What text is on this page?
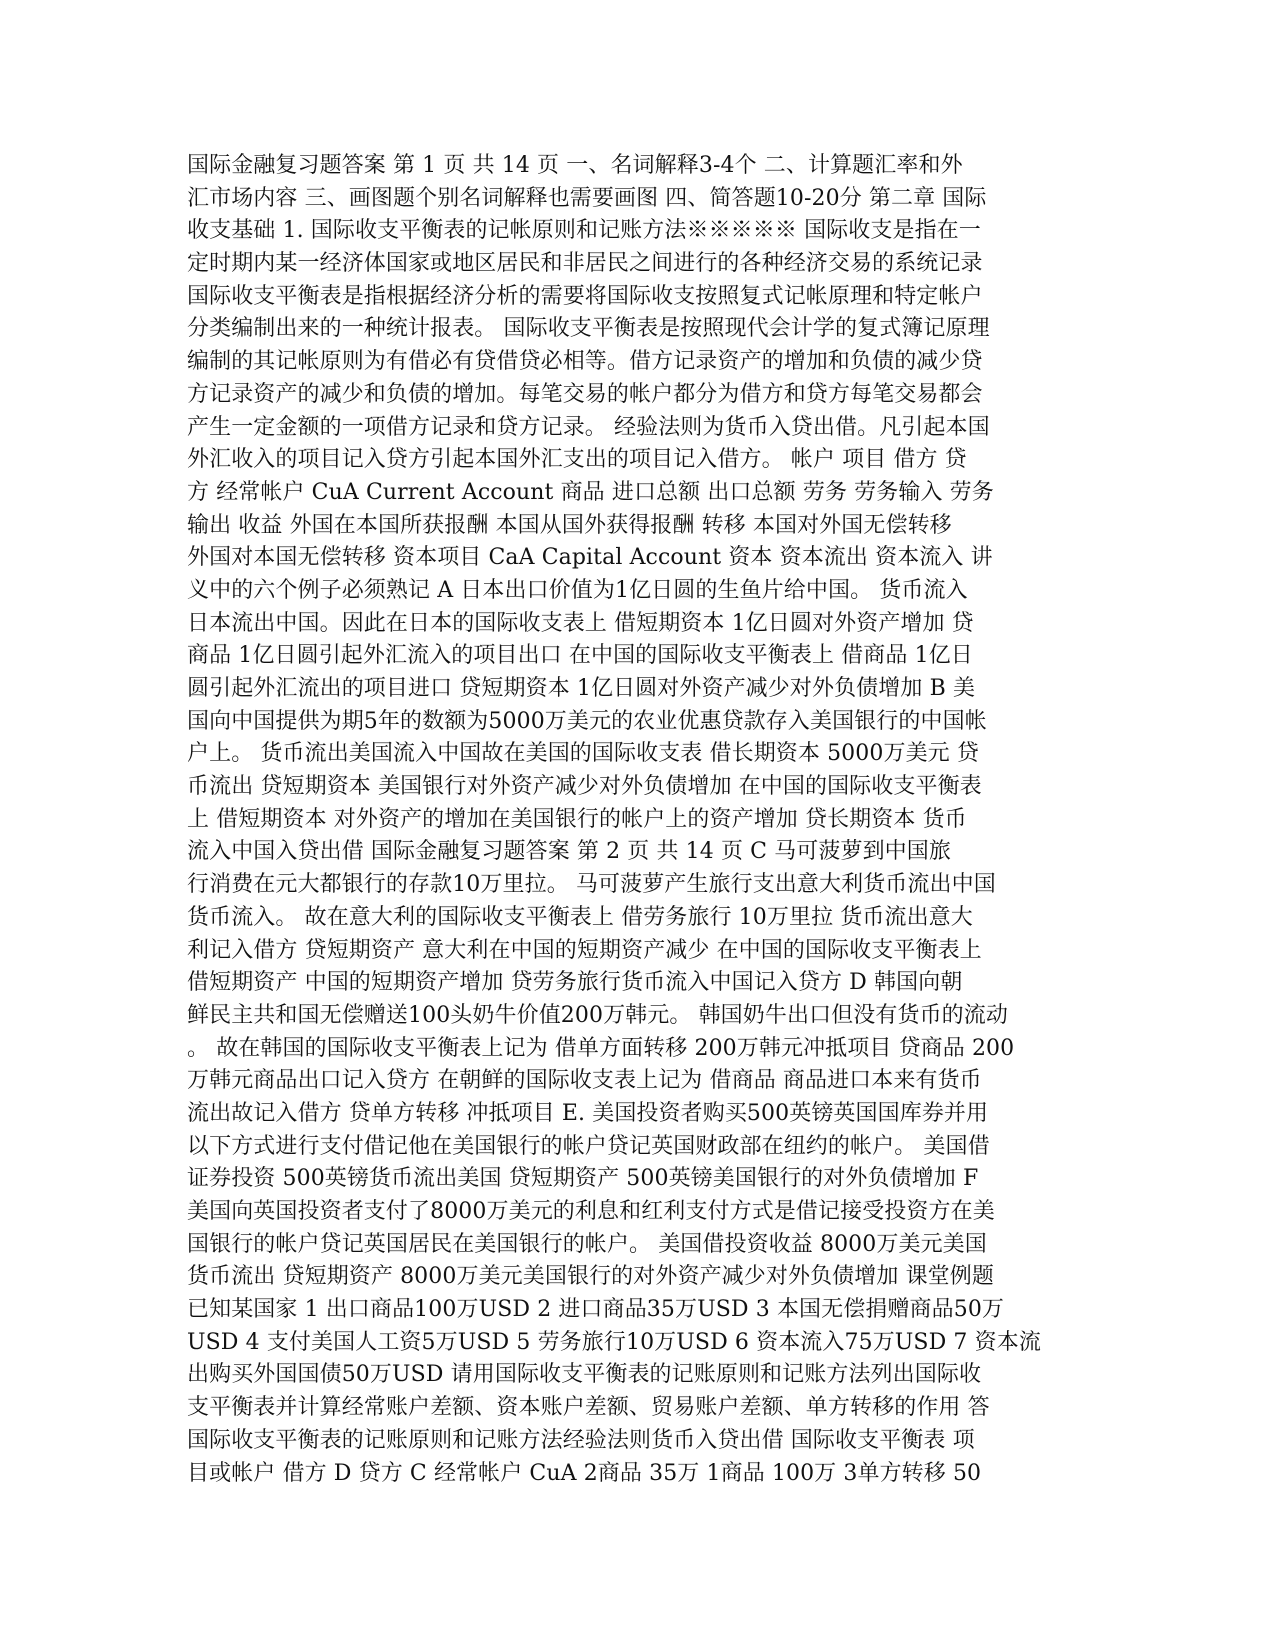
国际金融复习题答案 第 1 页 共 14 页 一、名词解释3-4个 二、计算题汇率和外
汇市场内容 三、画图题个别名词解释也需要画图 四、简答题10-20分 第二章 国际
收支基础 1. 国际收支平衡表的记帐原则和记账方法※※※※※ 国际收支是指在一
定时期内某一经济体国家或地区居民和非居民之间进行的各种经济交易的系统记录
国际收支平衡表是指根据经济分析的需要将国际收支按照复式记帐原理和特定帐户
分类编制出来的一种统计报表。 国际收支平衡表是按照现代会计学的复式簿记原理
编制的其记帐原则为有借必有贷借贷必相等。借方记录资产的增加和负债的减少贷
方记录资产的减少和负债的增加。每笔交易的帐户都分为借方和贷方每笔交易都会
产生一定金额的一项借方记录和贷方记录。 经验法则为货币入贷出借。凡引起本国
外汇收入的项目记入贷方引起本国外汇支出的项目记入借方。 帐户 项目 借方 贷
方 经常帐户 CuA Current Account 商品 进口总额 出口总额 劳务 劳务输入 劳务
输出 收益 外国在本国所获报酬 本国从国外获得报酬 转移 本国对外国无偿转移
外国对本国无偿转移 资本项目 CaA Capital Account 资本 资本流出 资本流入 讲
义中的六个例子必须熟记 A 日本出口价值为1亿日圆的生鱼片给中国。 货币流入
日本流出中国。因此在日本的国际收支表上 借短期资本 1亿日圆对外资产增加 贷
商品 1亿日圆引起外汇流入的项目出口 在中国的国际收支平衡表上 借商品 1亿日
圆引起外汇流出的项目进口 贷短期资本 1亿日圆对外资产减少对外负债增加 B 美
国向中国提供为期5年的数额为5000万美元的农业优惠贷款存入美国银行的中国帐
户上。 货币流出美国流入中国故在美国的国际收支表 借长期资本 5000万美元 贷
币流出 贷短期资本 美国银行对外资产减少对外负债增加 在中国的国际收支平衡表
上 借短期资本 对外资产的增加在美国银行的帐户上的资产增加 贷长期资本 货币
流入中国入贷出借 国际金融复习题答案 第 2 页 共 14 页 C 马可菠萝到中国旅
行消费在元大都银行的存款10万里拉。 马可菠萝产生旅行支出意大利货币流出中国
货币流入。 故在意大利的国际收支平衡表上 借劳务旅行 10万里拉 货币流出意大
利记入借方 贷短期资产 意大利在中国的短期资产减少 在中国的国际收支平衡表上
借短期资产 中国的短期资产增加 贷劳务旅行货币流入中国记入贷方 D 韩国向朝
鲜民主共和国无偿赠送100头奶牛价值200万韩元。 韩国奶牛出口但没有货币的流动
。 故在韩国的国际收支平衡表上记为 借单方面转移 200万韩元冲抵项目 贷商品 200
万韩元商品出口记入贷方 在朝鲜的国际收支表上记为 借商品 商品进口本来有货币
流出故记入借方 贷单方转移 冲抵项目 E. 美国投资者购买500英镑英国国库券并用
以下方式进行支付借记他在美国银行的帐户贷记英国财政部在纽约的帐户。 美国借
证券投资 500英镑货币流出美国 贷短期资产 500英镑美国银行的对外负债增加 F
美国向英国投资者支付了8000万美元的利息和红利支付方式是借记接受投资方在美
国银行的帐户贷记英国居民在美国银行的帐户。 美国借投资收益 8000万美元美国
货币流出 贷短期资产 8000万美元美国银行的对外资产减少对外负债增加 课堂例题
已知某国家 1 出口商品100万USD 2 进口商品35万USD 3 本国无偿捐赠商品50万
USD 4 支付美国人工资5万USD 5 劳务旅行10万USD 6 资本流入75万USD 7 资本流
出购买外国国债50万USD 请用国际收支平衡表的记账原则和记账方法列出国际收
支平衡表并计算经常账户差额、资本账户差额、贸易账户差额、单方转移的作用 答
国际收支平衡表的记账原则和记账方法经验法则货币入贷出借 国际收支平衡表 项
目或帐户 借方 D 贷方 C 经常帐户 CuA 2商品 35万 1商品 100万 3单方转移 50
